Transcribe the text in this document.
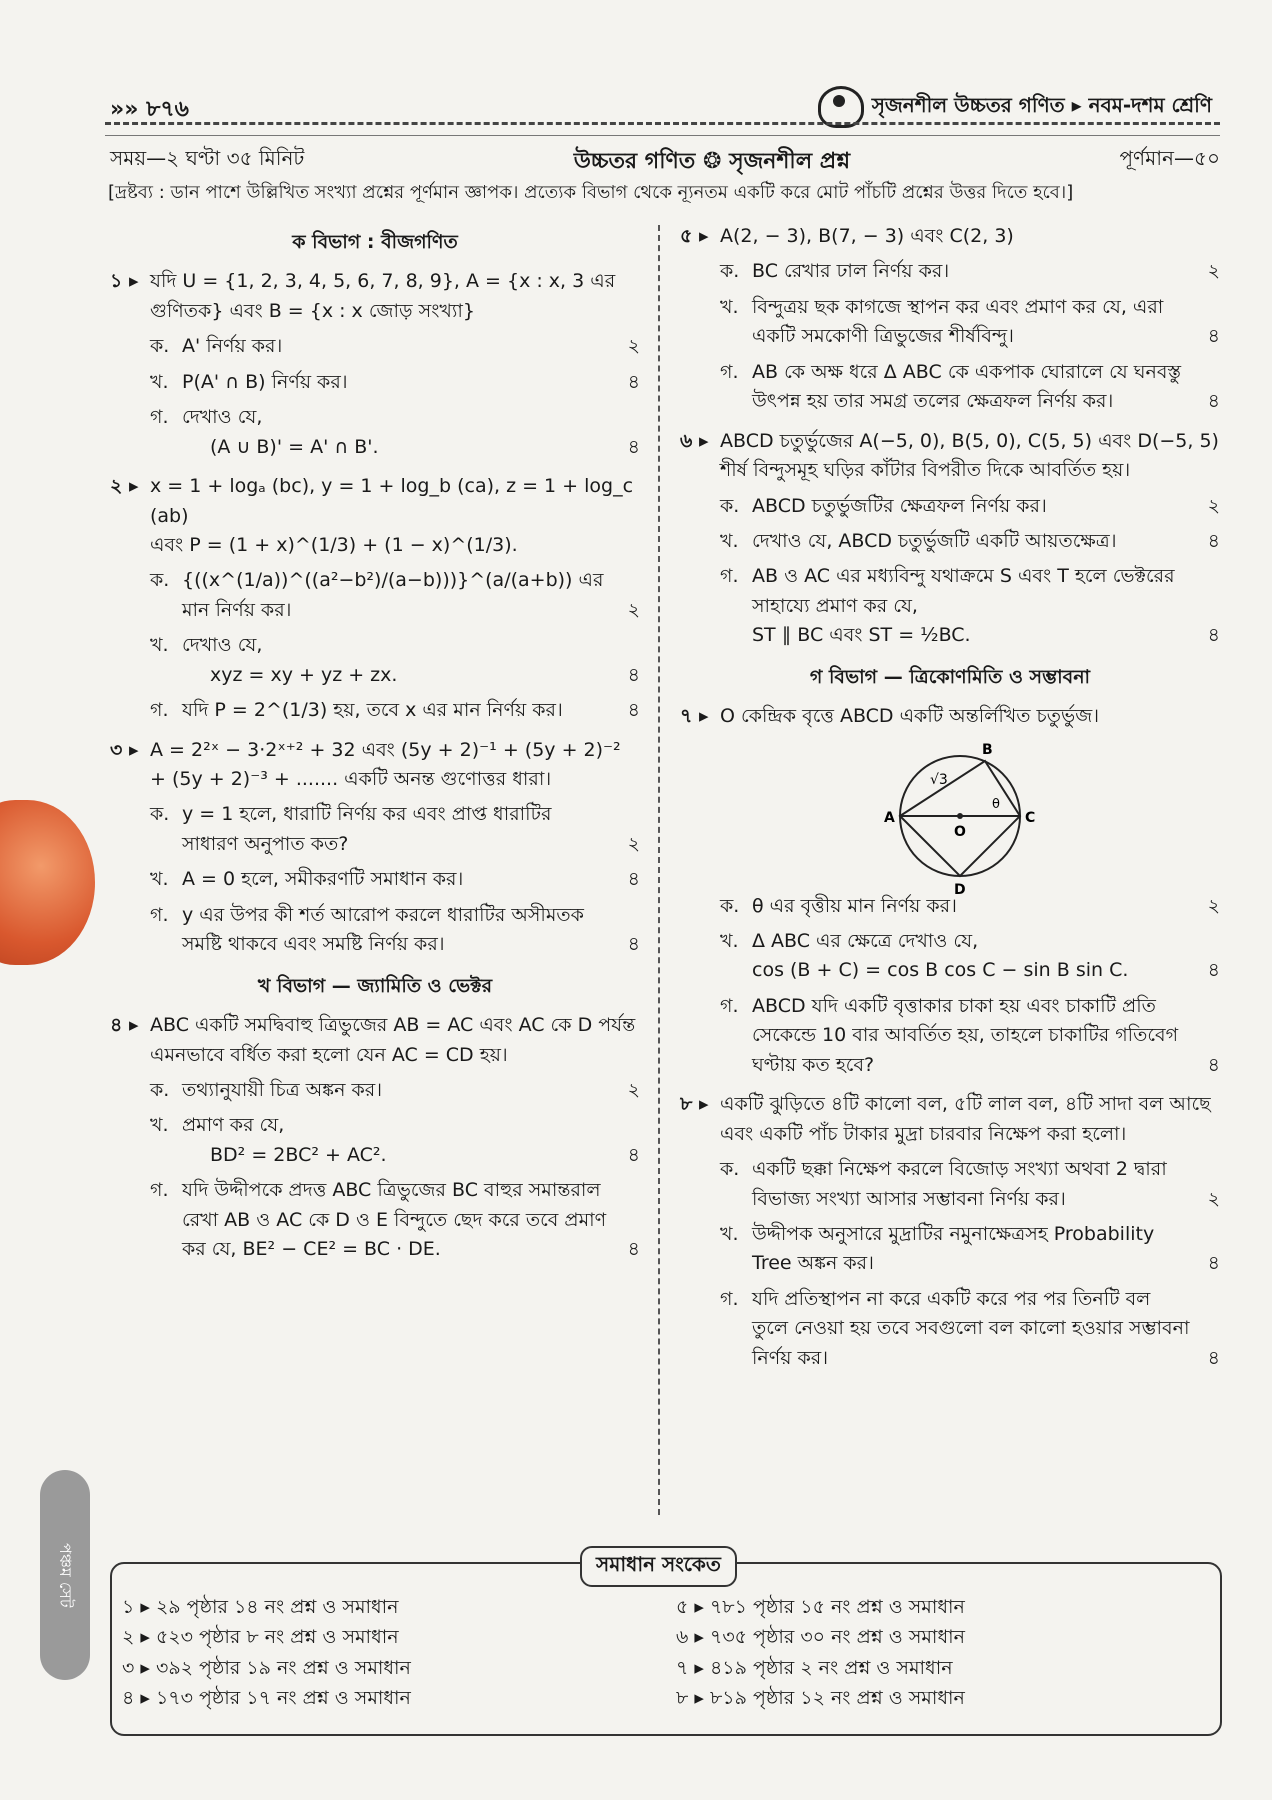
»» ৮৭৬	সৃজনশীল উচ্চতর গণিত ▸ নবম-দশম শ্রেণি
সময়—২ ঘণ্টা ৩৫ মিনিট	উচ্চতর গণিত ❂ সৃজনশীল প্রশ্ন	পূর্ণমান—৫০
[দ্রষ্টব্য : ডান পাশে উল্লিখিত সংখ্যা প্রশ্নের পূর্ণমান জ্ঞাপক। প্রত্যেক বিভাগ থেকে ন্যূনতম একটি করে মোট পাঁচটি প্রশ্নের উত্তর দিতে হবে।]
ক বিভাগ : বীজগণিত
১ ▸ যদি U = {1, 2, 3, 4, 5, 6, 7, 8, 9}, A = {x : x, 3 এর গুণিতক} এবং B = {x : x জোড় সংখ্যা}
ক. A' নির্ণয় কর।	২
খ. P(A' ∩ B) নির্ণয় কর।	৪
গ. দেখাও যে,
(A ∪ B)' = A' ∩ B'.	৪
২ ▸ x = 1 + logₐ (bc), y = 1 + log_b (ca), z = 1 + log_c (ab)
এবং P = (1 + x)^(1/3) + (1 − x)^(1/3).
ক. {((x^(1/a))^((a²−b²)/(a−b)))}^(a/(a+b)) এর মান নির্ণয় কর।	২
খ. দেখাও যে,
xyz = xy + yz + zx.	৪
গ. যদি P = 2^(1/3) হয়, তবে x এর মান নির্ণয় কর।	৪
৩ ▸ A = 2²ˣ − 3·2ˣ⁺² + 32 এবং (5y + 2)⁻¹ + (5y + 2)⁻² + (5y + 2)⁻³ + ....... একটি অনন্ত গুণোত্তর ধারা।
ক. y = 1 হলে, ধারাটি নির্ণয় কর এবং প্রাপ্ত ধারাটির সাধারণ অনুপাত কত?	২
খ. A = 0 হলে, সমীকরণটি সমাধান কর।	৪
গ. y এর উপর কী শর্ত আরোপ করলে ধারাটির অসীমতক সমষ্টি থাকবে এবং সমষ্টি নির্ণয় কর।	৪
খ বিভাগ — জ্যামিতি ও ভেক্টর
৪ ▸ ABC একটি সমদ্বিবাহু ত্রিভুজের AB = AC এবং AC কে D পর্যন্ত এমনভাবে বর্ধিত করা হলো যেন AC = CD হয়।
ক. তথ্যানুযায়ী চিত্র অঙ্কন কর।	২
খ. প্রমাণ কর যে,
BD² = 2BC² + AC².	৪
গ. যদি উদ্দীপকে প্রদত্ত ABC ত্রিভুজের BC বাহুর সমান্তরাল রেখা AB ও AC কে D ও E বিন্দুতে ছেদ করে তবে প্রমাণ কর যে, BE² − CE² = BC · DE.	৪
৫ ▸ A(2, − 3), B(7, − 3) এবং C(2, 3)
ক. BC রেখার ঢাল নির্ণয় কর।	২
খ. বিন্দুত্রয় ছক কাগজে স্থাপন কর এবং প্রমাণ কর যে, এরা একটি সমকোণী ত্রিভুজের শীর্ষবিন্দু।	৪
গ. AB কে অক্ষ ধরে Δ ABC কে একপাক ঘোরালে যে ঘনবস্তু উৎপন্ন হয় তার সমগ্র তলের ক্ষেত্রফল নির্ণয় কর।	৪
৬ ▸ ABCD চতুর্ভুজের A(−5, 0), B(5, 0), C(5, 5) এবং D(−5, 5) শীর্ষ বিন্দুসমূহ ঘড়ির কাঁটার বিপরীত দিকে আবর্তিত হয়।
ক. ABCD চতুর্ভুজটির ক্ষেত্রফল নির্ণয় কর।	২
খ. দেখাও যে, ABCD চতুর্ভুজটি একটি আয়তক্ষেত্র।	৪
গ. AB ও AC এর মধ্যবিন্দু যথাক্রমে S এবং T হলে ভেক্টরের সাহায্যে প্রমাণ কর যে,
ST ∥ BC এবং ST = ½BC.	৪
গ বিভাগ — ত্রিকোণমিতি ও সম্ভাবনা
৭ ▸ O কেন্দ্রিক বৃত্তে ABCD একটি অন্তর্লিখিত চতুর্ভুজ।
A
B
C
D
O
θ
√3
ক. θ এর বৃত্তীয় মান নির্ণয় কর।	২
খ. Δ ABC এর ক্ষেত্রে দেখাও যে,
cos (B + C) = cos B cos C − sin B sin C.	৪
গ. ABCD যদি একটি বৃত্তাকার চাকা হয় এবং চাকাটি প্রতি সেকেন্ডে 10 বার আবর্তিত হয়, তাহলে চাকাটির গতিবেগ ঘণ্টায় কত হবে?	৪
৮ ▸ একটি ঝুড়িতে ৪টি কালো বল, ৫টি লাল বল, ৪টি সাদা বল আছে এবং একটি পাঁচ টাকার মুদ্রা চারবার নিক্ষেপ করা হলো।
ক. একটি ছক্কা নিক্ষেপ করলে বিজোড় সংখ্যা অথবা 2 দ্বারা বিভাজ্য সংখ্যা আসার সম্ভাবনা নির্ণয় কর।	২
খ. উদ্দীপক অনুসারে মুদ্রাটির নমুনাক্ষেত্রসহ Probability Tree অঙ্কন কর।	৪
গ. যদি প্রতিস্থাপন না করে একটি করে পর পর তিনটি বল তুলে নেওয়া হয় তবে সবগুলো বল কালো হওয়ার সম্ভাবনা নির্ণয় কর।	৪
সমাধান সংকেত
১ ▸ ২৯ পৃষ্ঠার ১৪ নং প্রশ্ন ও সমাধান
২ ▸ ৫২৩ পৃষ্ঠার ৮ নং প্রশ্ন ও সমাধান
৩ ▸ ৩৯২ পৃষ্ঠার ১৯ নং প্রশ্ন ও সমাধান
৪ ▸ ১৭৩ পৃষ্ঠার ১৭ নং প্রশ্ন ও সমাধান
৫ ▸ ৭৮১ পৃষ্ঠার ১৫ নং প্রশ্ন ও সমাধান
৬ ▸ ৭৩৫ পৃষ্ঠার ৩০ নং প্রশ্ন ও সমাধান
৭ ▸ ৪১৯ পৃষ্ঠার ২ নং প্রশ্ন ও সমাধান
৮ ▸ ৮১৯ পৃষ্ঠার ১২ নং প্রশ্ন ও সমাধান
পঞ্চম সেট
